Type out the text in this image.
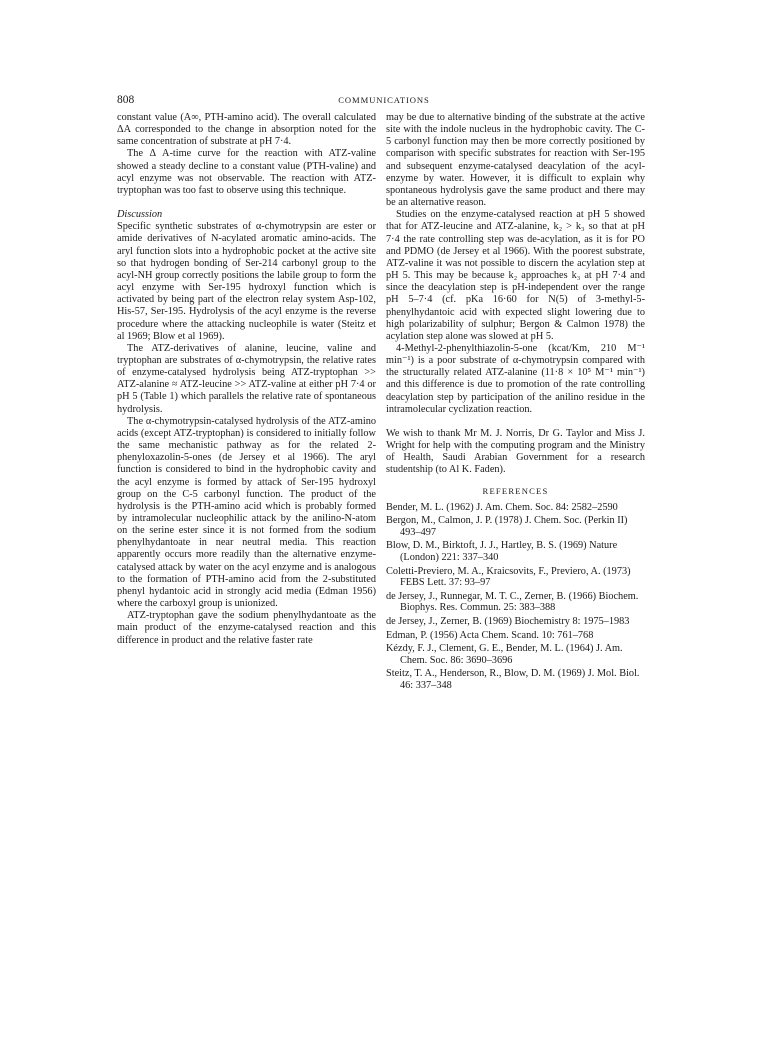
808	COMMUNICATIONS

constant value (A∞, PTH-amino acid). The overall calculated ΔA corresponded to the change in absorption noted for the same concentration of substrate at pH 7·4.

The Δ A-time curve for the reaction with ATZ-valine showed a steady decline to a constant value (PTH-valine) and acyl enzyme was not observable. The reaction with ATZ-tryptophan was too fast to observe using this technique.

Discussion

Specific synthetic substrates of α-chymotrypsin are ester or amide derivatives of N-acylated aromatic amino-acids. The aryl function slots into a hydrophobic pocket at the active site so that hydrogen bonding of Ser-214 carbonyl group to the acyl-NH group correctly positions the labile group to form the acyl enzyme with Ser-195 hydroxyl function which is activated by being part of the electron relay system Asp-102, His-57, Ser-195. Hydrolysis of the acyl enzyme is the reverse procedure where the attacking nucleophile is water (Steitz et al 1969; Blow et al 1969).

The ATZ-derivatives of alanine, leucine, valine and tryptophan are substrates of α-chymotrypsin, the relative rates of enzyme-catalysed hydrolysis being ATZ-tryptophan >> ATZ-alanine ≈ ATZ-leucine >> ATZ-valine at either pH 7·4 or pH 5 (Table 1) which parallels the relative rate of spontaneous hydrolysis.

The α-chymotrypsin-catalysed hydrolysis of the ATZ-amino acids (except ATZ-tryptophan) is considered to initially follow the same mechanistic pathway as for the related 2-phenyloxazolin-5-ones (de Jersey et al 1966). The aryl function is considered to bind in the hydrophobic cavity and the acyl enzyme is formed by attack of Ser-195 hydroxyl group on the C-5 carbonyl function. The product of the hydrolysis is the PTH-amino acid which is probably formed by intramolecular nucleophilic attack by the anilino-N-atom on the serine ester since it is not formed from the sodium phenylhydantoate in near neutral media. This reaction apparently occurs more readily than the alternative enzyme-catalysed attack by water on the acyl enzyme and is analogous to the formation of PTH-amino acid from the 2-substituted phenyl hydantoic acid in strongly acid media (Edman 1956) where the carboxyl group is unionized.

ATZ-tryptophan gave the sodium phenylhydantoate as the main product of the enzyme-catalysed reaction and this difference in product and the relative faster rate

may be due to alternative binding of the substrate at the active site with the indole nucleus in the hydrophobic cavity. The C-5 carbonyl function may then be more correctly positioned by comparison with specific substrates for reaction with Ser-195 and subsequent enzyme-catalysed deacylation of the acyl-enzyme by water. However, it is difficult to explain why spontaneous hydrolysis gave the same product and there may be an alternative reason.

Studies on the enzyme-catalysed reaction at pH 5 showed that for ATZ-leucine and ATZ-alanine, k₂ > k₃ so that at pH 7·4 the rate controlling step was de-acylation, as it is for PO and PDMO (de Jersey et al 1966). With the poorest substrate, ATZ-valine it was not possible to discern the acylation step at pH 5. This may be because k₂ approaches k₃ at pH 7·4 and since the deacylation step is pH-independent over the range pH 5–7·4 (cf. pKa 16·60 for N(5) of 3-methyl-5-phenylhydantoic acid with expected slight lowering due to high polarizability of sulphur; Bergon & Calmon 1978) the acylation step alone was slowed at pH 5.

4-Methyl-2-phenylthiazolin-5-one (kcat/Km, 210 M⁻¹ min⁻¹) is a poor substrate of α-chymotrypsin compared with the structurally related ATZ-alanine (11·8 × 10⁵ M⁻¹ min⁻¹) and this difference is due to promotion of the rate controlling deacylation step by participation of the anilino residue in the intramolecular cyclization reaction.

We wish to thank Mr M. J. Norris, Dr G. Taylor and Miss J. Wright for help with the computing program and the Ministry of Health, Saudi Arabian Government for a research studentship (to Al K. Faden).

REFERENCES

Bender, M. L. (1962) J. Am. Chem. Soc. 84: 2582–2590

Bergon, M., Calmon, J. P. (1978) J. Chem. Soc. (Perkin II) 493–497

Blow, D. M., Birktoft, J. J., Hartley, B. S. (1969) Nature (London) 221: 337–340

Coletti-Previero, M. A., Kraicsovits, F., Previero, A. (1973) FEBS Lett. 37: 93–97

de Jersey, J., Runnegar, M. T. C., Zerner, B. (1966) Biochem. Biophys. Res. Commun. 25: 383–388

de Jersey, J., Zerner, B. (1969) Biochemistry 8: 1975–1983

Edman, P. (1956) Acta Chem. Scand. 10: 761–768

Kézdy, F. J., Clement, G. E., Bender, M. L. (1964) J. Am. Chem. Soc. 86: 3690–3696

Steitz, T. A., Henderson, R., Blow, D. M. (1969) J. Mol. Biol. 46: 337–348
